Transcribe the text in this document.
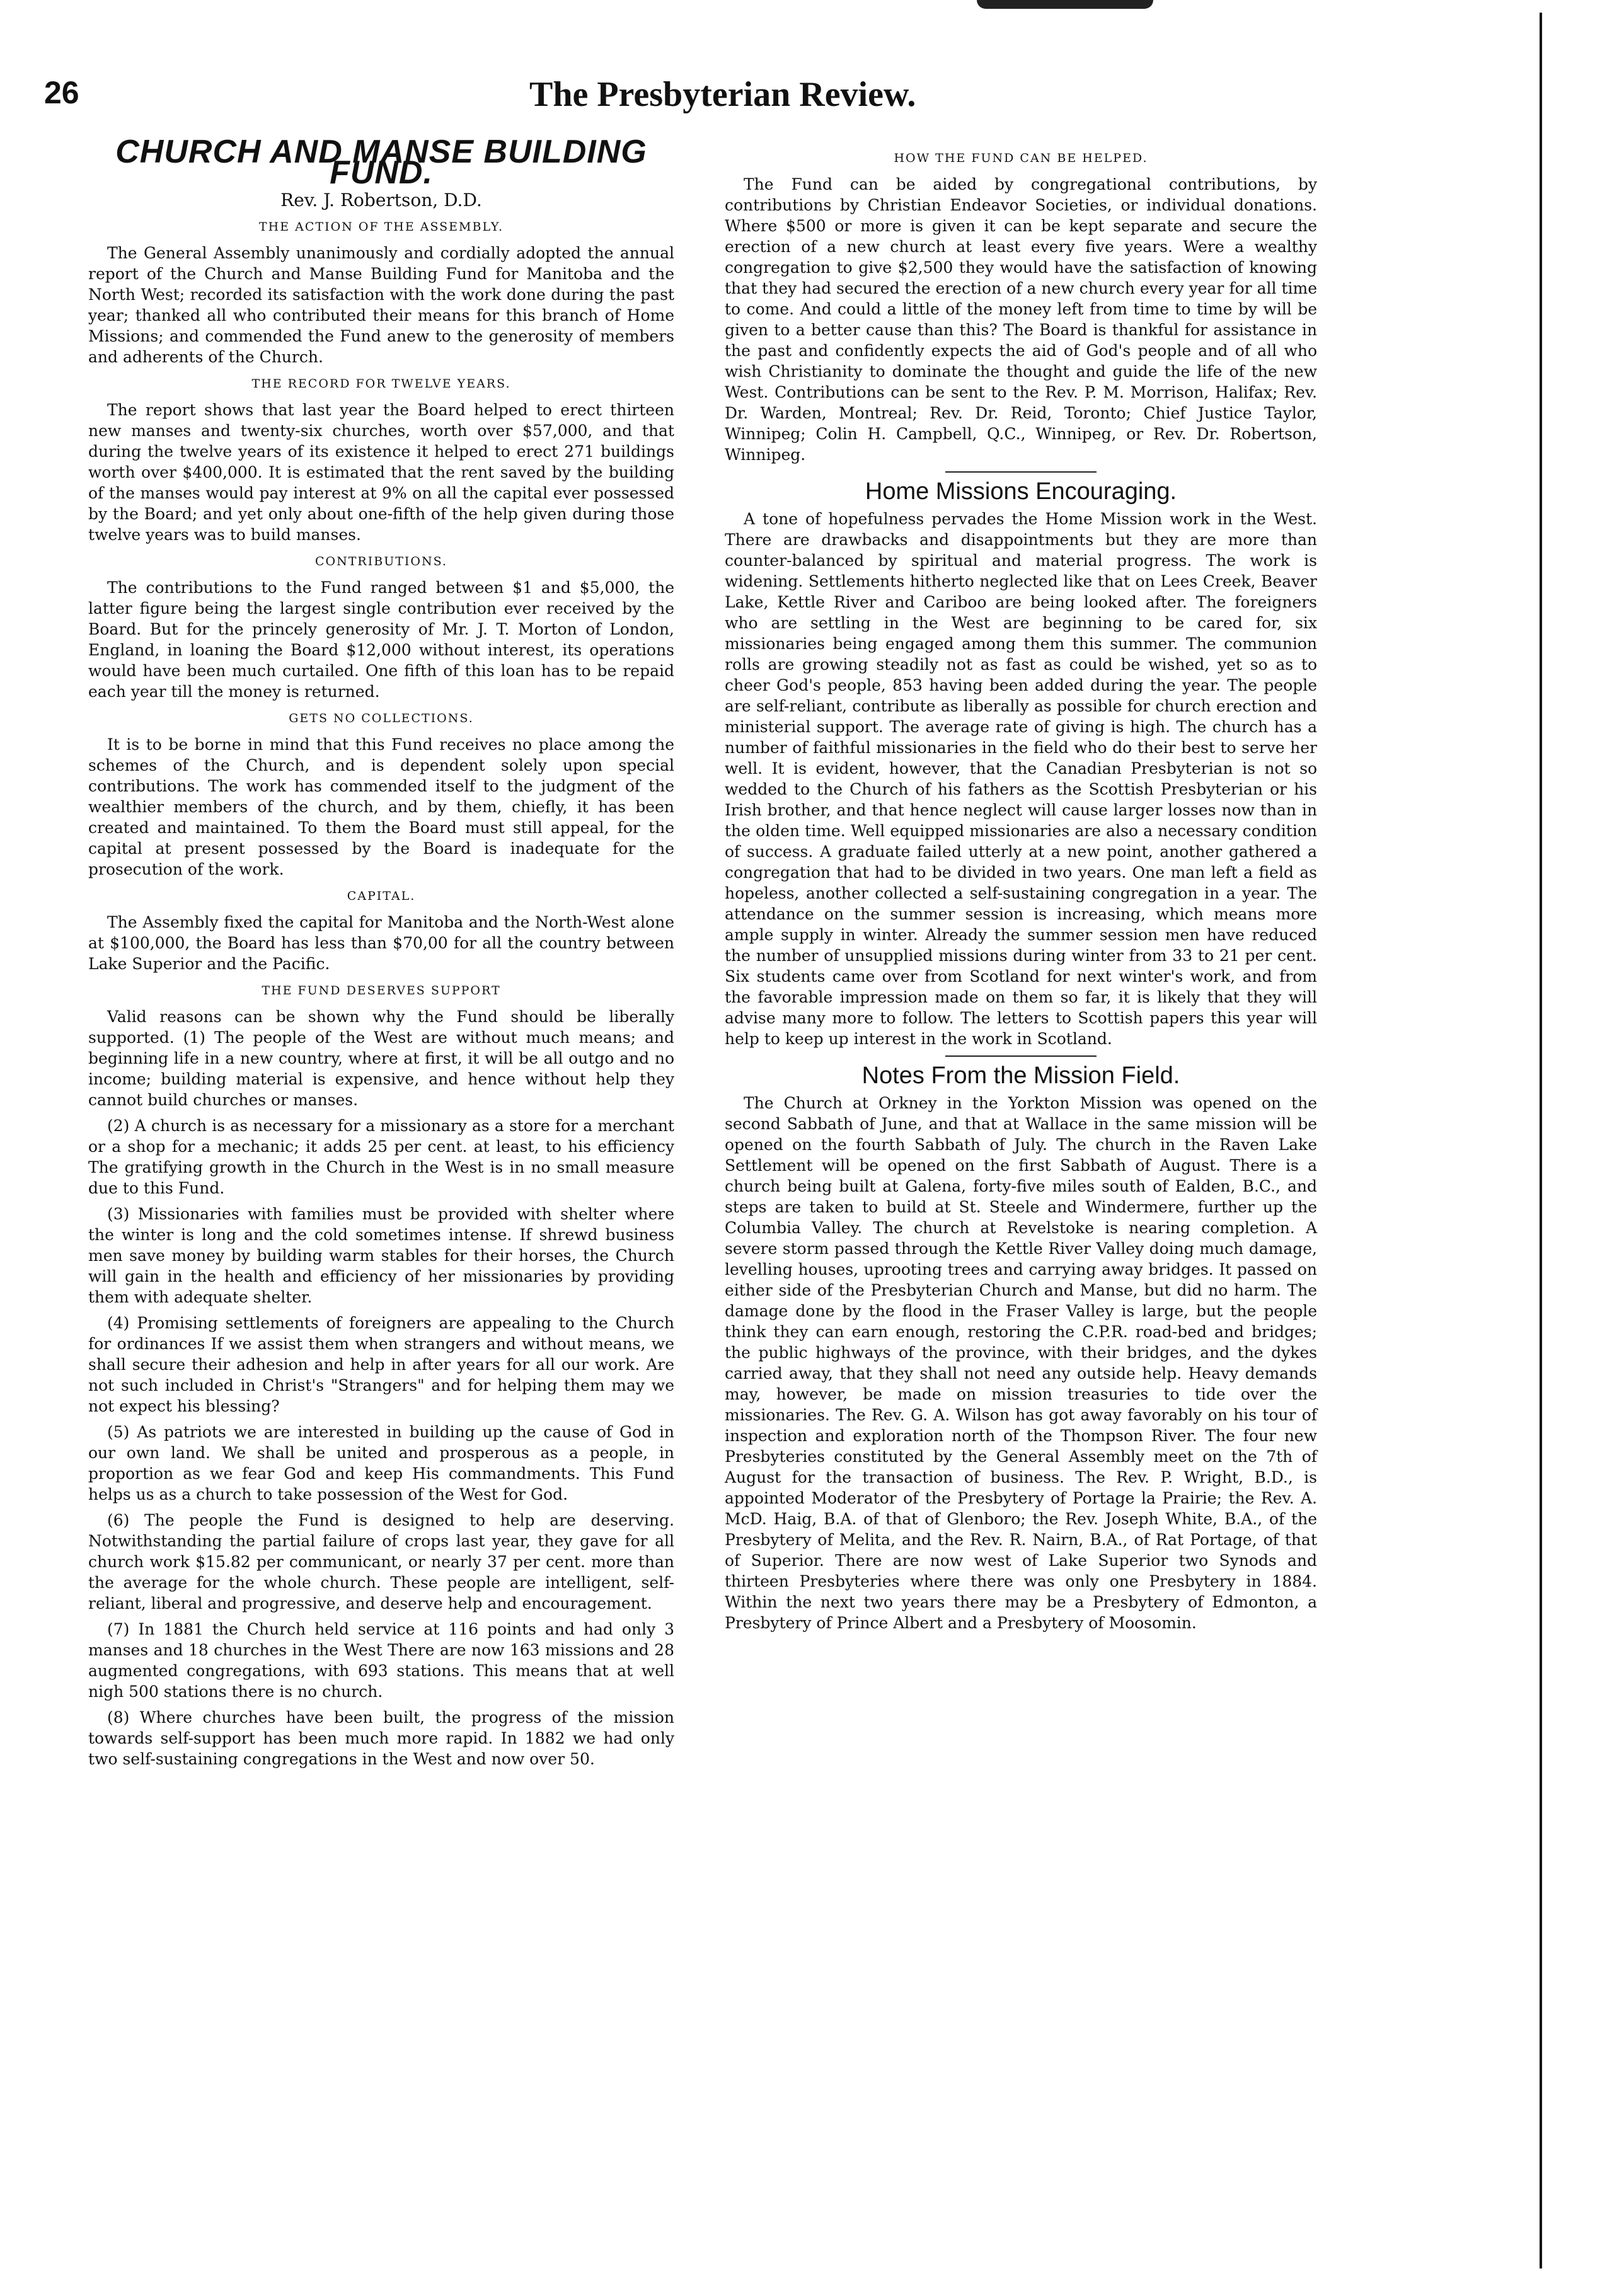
26	The Presbyterian Review.
CHURCH AND MANSE BUILDING FUND.
Rev. J. Robertson, D.D.
THE ACTION OF THE ASSEMBLY.

The General Assembly unanimously and cordially adopted the annual report of the Church and Manse Building Fund for Manitoba and the North West; recorded its satisfaction with the work done during the past year; thanked all who contributed their means for this branch of Home Missions; and commended the Fund anew to the generosity of members and adherents of the Church.

THE RECORD FOR TWELVE YEARS.

The report shows that last year the Board helped to erect thirteen new manses and twenty-six churches, worth over $57,000, and that during the twelve years of its existence it helped to erect 271 buildings worth over $400,000. It is estimated that the rent saved by the building of the manses would pay interest at 9% on all the capital ever possessed by the Board; and yet only about one-fifth of the help given during those twelve years was to build manses.

CONTRIBUTIONS.

The contributions to the Fund ranged between $1 and $5,000, the latter figure being the largest single contribution ever received by the Board. But for the princely generosity of Mr. J. T. Morton of London, England, in loaning the Board $12,000 without interest, its operations would have been much curtailed. One fifth of this loan has to be repaid each year till the money is returned.

GETS NO COLLECTIONS.

It is to be borne in mind that this Fund receives no place among the schemes of the Church, and is dependent solely upon special contributions. The work has commended itself to the judgment of the wealthier members of the church, and by them, chiefly, it has been created and maintained. To them the Board must still appeal, for the capital at present possessed by the Board is inadequate for the prosecution of the work.

CAPITAL.

The Assembly fixed the capital for Manitoba and the North-West alone at $100,000, the Board has less than $70,00 for all the country between Lake Superior and the Pacific.

THE FUND DESERVES SUPPORT

Valid reasons can be shown why the Fund should be liberally supported. (1) The people of the West are without much means; and beginning life in a new country, where at first, it will be all outgo and no income; building material is expensive, and hence without help they cannot build churches or manses.

(2) A church is as necessary for a missionary as a store for a merchant or a shop for a mechanic; it adds 25 per cent. at least, to his efficiency The gratifying growth in the Church in the West is in no small measure due to this Fund.

(3) Missionaries with families must be provided with shelter where the winter is long and the cold sometimes intense. If shrewd business men save money by building warm stables for their horses, the Church will gain in the health and efficiency of her missionaries by providing them with adequate shelter.

(4) Promising settlements of foreigners are appealing to the Church for ordinances If we assist them when strangers and without means, we shall secure their adhesion and help in after years for all our work. Are not such included in Christ's "Strangers" and for helping them may we not expect his blessing?

(5) As patriots we are interested in building up the cause of God in our own land. We shall be united and prosperous as a people, in proportion as we fear God and keep His commandments. This Fund helps us as a church to take possession of the West for God.

(6) The people the Fund is designed to help are deserving. Notwithstanding the partial failure of crops last year, they gave for all church work $15.82 per communicant, or nearly 37 per cent. more than the average for the whole church. These people are intelligent, self-reliant, liberal and progressive, and deserve help and encouragement.

(7) In 1881 the Church held service at 116 points and had only 3 manses and 18 churches in the West There are now 163 missions and 28 augmented congregations, with 693 stations. This means that at well nigh 500 stations there is no church.

(8) Where churches have been built, the progress of the mission towards self-support has been much more rapid. In 1882 we had only two self-sustaining congregations in the West and now over 50.

HOW THE FUND CAN BE HELPED.

The Fund can be aided by congregational contributions, by contributions by Christian Endeavor Societies, or individual donations. Where $500 or more is given it can be kept separate and secure the erection of a new church at least every five years. Were a wealthy congregation to give $2,500 they would have the satisfaction of knowing that they had secured the erection of a new church every year for all time to come. And could a little of the money left from time to time by will be given to a better cause than this? The Board is thankful for assistance in the past and confidently expects the aid of God's people and of all who wish Christianity to dominate the thought and guide the life of the new West. Contributions can be sent to the Rev. P. M. Morrison, Halifax; Rev. Dr. Warden, Montreal; Rev. Dr. Reid, Toronto; Chief Justice Taylor, Winnipeg; Colin H. Campbell, Q.C., Winnipeg, or Rev. Dr. Robertson, Winnipeg.

Home Missions Encouraging.

A tone of hopefulness pervades the Home Mission work in the West. There are drawbacks and disappointments but they are more than counter-balanced by spiritual and material progress. The work is widening. Settlements hitherto neglected like that on Lees Creek, Beaver Lake, Kettle River and Cariboo are being looked after. The foreigners who are settling in the West are beginning to be cared for, six missionaries being engaged among them this summer. The communion rolls are growing steadily not as fast as could be wished, yet so as to cheer God's people, 853 having been added during the year. The people are self-reliant, contribute as liberally as possible for church erection and ministerial support. The average rate of giving is high. The church has a number of faithful missionaries in the field who do their best to serve her well. It is evident, however, that the Canadian Presbyterian is not so wedded to the Church of his fathers as the Scottish Presbyterian or his Irish brother, and that hence neglect will cause larger losses now than in the olden time. Well equipped missionaries are also a necessary condition of success. A graduate failed utterly at a new point, another gathered a congregation that had to be divided in two years. One man left a field as hopeless, another collected a self-sustaining congregation in a year. The attendance on the summer session is increasing, which means more ample supply in winter. Already the summer session men have reduced the number of unsupplied missions during winter from 33 to 21 per cent. Six students came over from Scotland for next winter's work, and from the favorable impression made on them so far, it is likely that they will advise many more to follow. The letters to Scottish papers this year will help to keep up interest in the work in Scotland.

Notes From the Mission Field.

The Church at Orkney in the Yorkton Mission was opened on the second Sabbath of June, and that at Wallace in the same mission will be opened on the fourth Sabbath of July. The church in the Raven Lake Settlement will be opened on the first Sabbath of August. There is a church being built at Galena, forty-five miles south of Ealden, B.C., and steps are taken to build at St. Steele and Windermere, further up the Columbia Valley. The church at Revelstoke is nearing completion. A severe storm passed through the Kettle River Valley doing much damage, levelling houses, uprooting trees and carrying away bridges. It passed on either side of the Presbyterian Church and Manse, but did no harm. The damage done by the flood in the Fraser Valley is large, but the people think they can earn enough, restoring the C.P.R. road-bed and bridges; the public highways of the province, with their bridges, and the dykes carried away, that they shall not need any outside help. Heavy demands may, however, be made on mission treasuries to tide over the missionaries. The Rev. G. A. Wilson has got away favorably on his tour of inspection and exploration north of the Thompson River. The four new Presbyteries constituted by the General Assembly meet on the 7th of August for the transaction of business. The Rev. P. Wright, B.D., is appointed Moderator of the Presbytery of Portage la Prairie; the Rev. A. McD. Haig, B.A. of that of Glenboro; the Rev. Joseph White, B.A., of the Presbytery of Melita, and the Rev. R. Nairn, B.A., of Rat Portage, of that of Superior. There are now west of Lake Superior two Synods and thirteen Presbyteries where there was only one Presbytery in 1884. Within the next two years there may be a Presbytery of Edmonton, a Presbytery of Prince Albert and a Presbytery of Moosomin.
